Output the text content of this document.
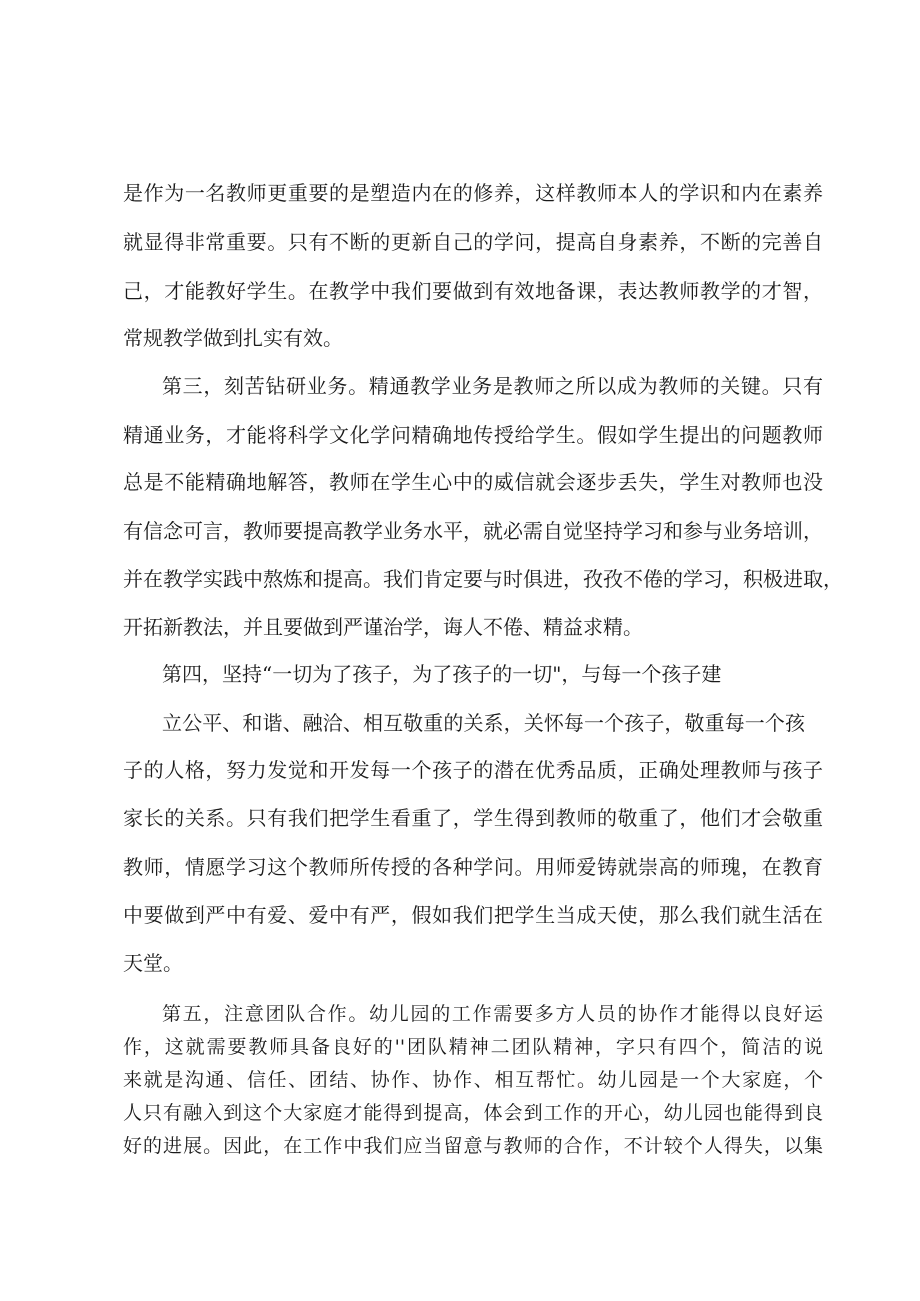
是作为一名教师更重要的是塑造内在的修养，这样教师本人的学识和内在素养
就显得非常重要。只有不断的更新自己的学问，提高自身素养，不断的完善自
己，才能教好学生。在教学中我们要做到有效地备课，表达教师教学的才智，
常规教学做到扎实有效。
第三，刻苦钻研业务。精通教学业务是教师之所以成为教师的关键。只有
精通业务，才能将科学文化学问精确地传授给学生。假如学生提出的问题教师
总是不能精确地解答，教师在学生心中的威信就会逐步丢失，学生对教师也没
有信念可言，教师要提高教学业务水平，就必需自觉坚持学习和参与业务培训，
并在教学实践中熬炼和提高。我们肯定要与时俱进，孜孜不倦的学习，积极进取，
开拓新教法，并且要做到严谨治学，诲人不倦、精益求精。
第四，坚持“一切为了孩子，为了孩子的一切"，与每一个孩子建
立公平、和谐、融洽、相互敬重的关系，关怀每一个孩子，敬重每一个孩
子的人格，努力发觉和开发每一个孩子的潜在优秀品质，正确处理教师与孩子
家长的关系。只有我们把学生看重了，学生得到教师的敬重了，他们才会敬重
教师，情愿学习这个教师所传授的各种学问。用师爱铸就崇高的师瑰，在教育
中要做到严中有爱、爱中有严，假如我们把学生当成天使，那么我们就生活在
天堂。
第五，注意团队合作。幼儿园的工作需要多方人员的协作才能得以良好运
作，这就需要教师具备良好的''团队精神二团队精神，字只有四个，简洁的说
来就是沟通、信任、团结、协作、协作、相互帮忙。幼儿园是一个大家庭，个
人只有融入到这个大家庭才能得到提高，体会到工作的开心，幼儿园也能得到良
好的进展。因此，在工作中我们应当留意与教师的合作，不计较个人得失，以集
